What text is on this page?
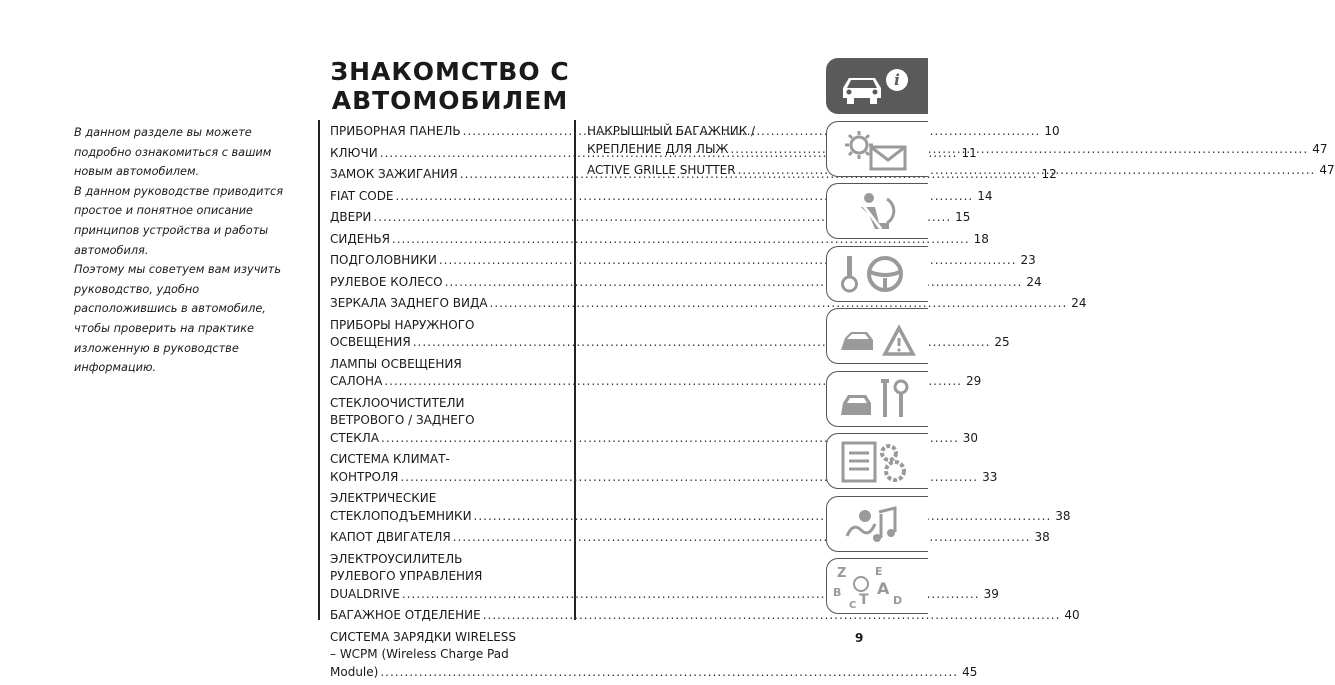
ЗНАКОМСТВО С АВТОМОБИЛЕМ

В данном разделе вы можете подробно ознакомиться с вашим новым автомобилем.

В данном руководстве приводится простое и понятное описание принципов устройства и работы автомобиля.

Поэтому мы советуем вам изучить руководство, удобно расположившись в автомобиле, чтобы проверить на практике изложенную в руководстве информацию.

ПРИБОРНАЯ ПАНЕЛЬ .....	10
КЛЮЧИ .....	11
ЗАМОК ЗАЖИГАНИЯ .....	12
FIAT CODE .....	14
ДВЕРИ .....	15
СИДЕНЬЯ .....	18
ПОДГОЛОВНИКИ .....	23
РУЛЕВОЕ КОЛЕСО .....	24
ЗЕРКАЛА ЗАДНЕГО ВИДА .....	24
ПРИБОРЫ НАРУЖНОГО
ОСВЕЩЕНИЯ .....	25
ЛАМПЫ ОСВЕЩЕНИЯ
САЛОНА .....	29
СТЕКЛООЧИСТИТЕЛИ
ВЕТРОВОГО / ЗАДНЕГО
СТЕКЛА .....	30
СИСТЕМА КЛИМАТ-
КОНТРОЛЯ .....	33
ЭЛЕКТРИЧЕСКИЕ
СТЕКЛОПОДЪЕМНИКИ .....	38
КАПОТ ДВИГАТЕЛЯ .....	38
ЭЛЕКТРОУСИЛИТЕЛЬ
РУЛЕВОГО УПРАВЛЕНИЯ
DUALDRIVE .....	39
БАГАЖНОЕ ОТДЕЛЕНИЕ .....	40
СИСТЕМА ЗАРЯДКИ WIRELESS
– WCPM (Wireless Charge Pad
Module) .....	45
НАКРЫШНЫЙ БАГАЖНИК /
КРЕПЛЕНИЕ ДЛЯ ЛЫЖ .....	47
ACTIVE GRILLE SHUTTER .....	47
i
Z	E
B A
C	D
T
9
